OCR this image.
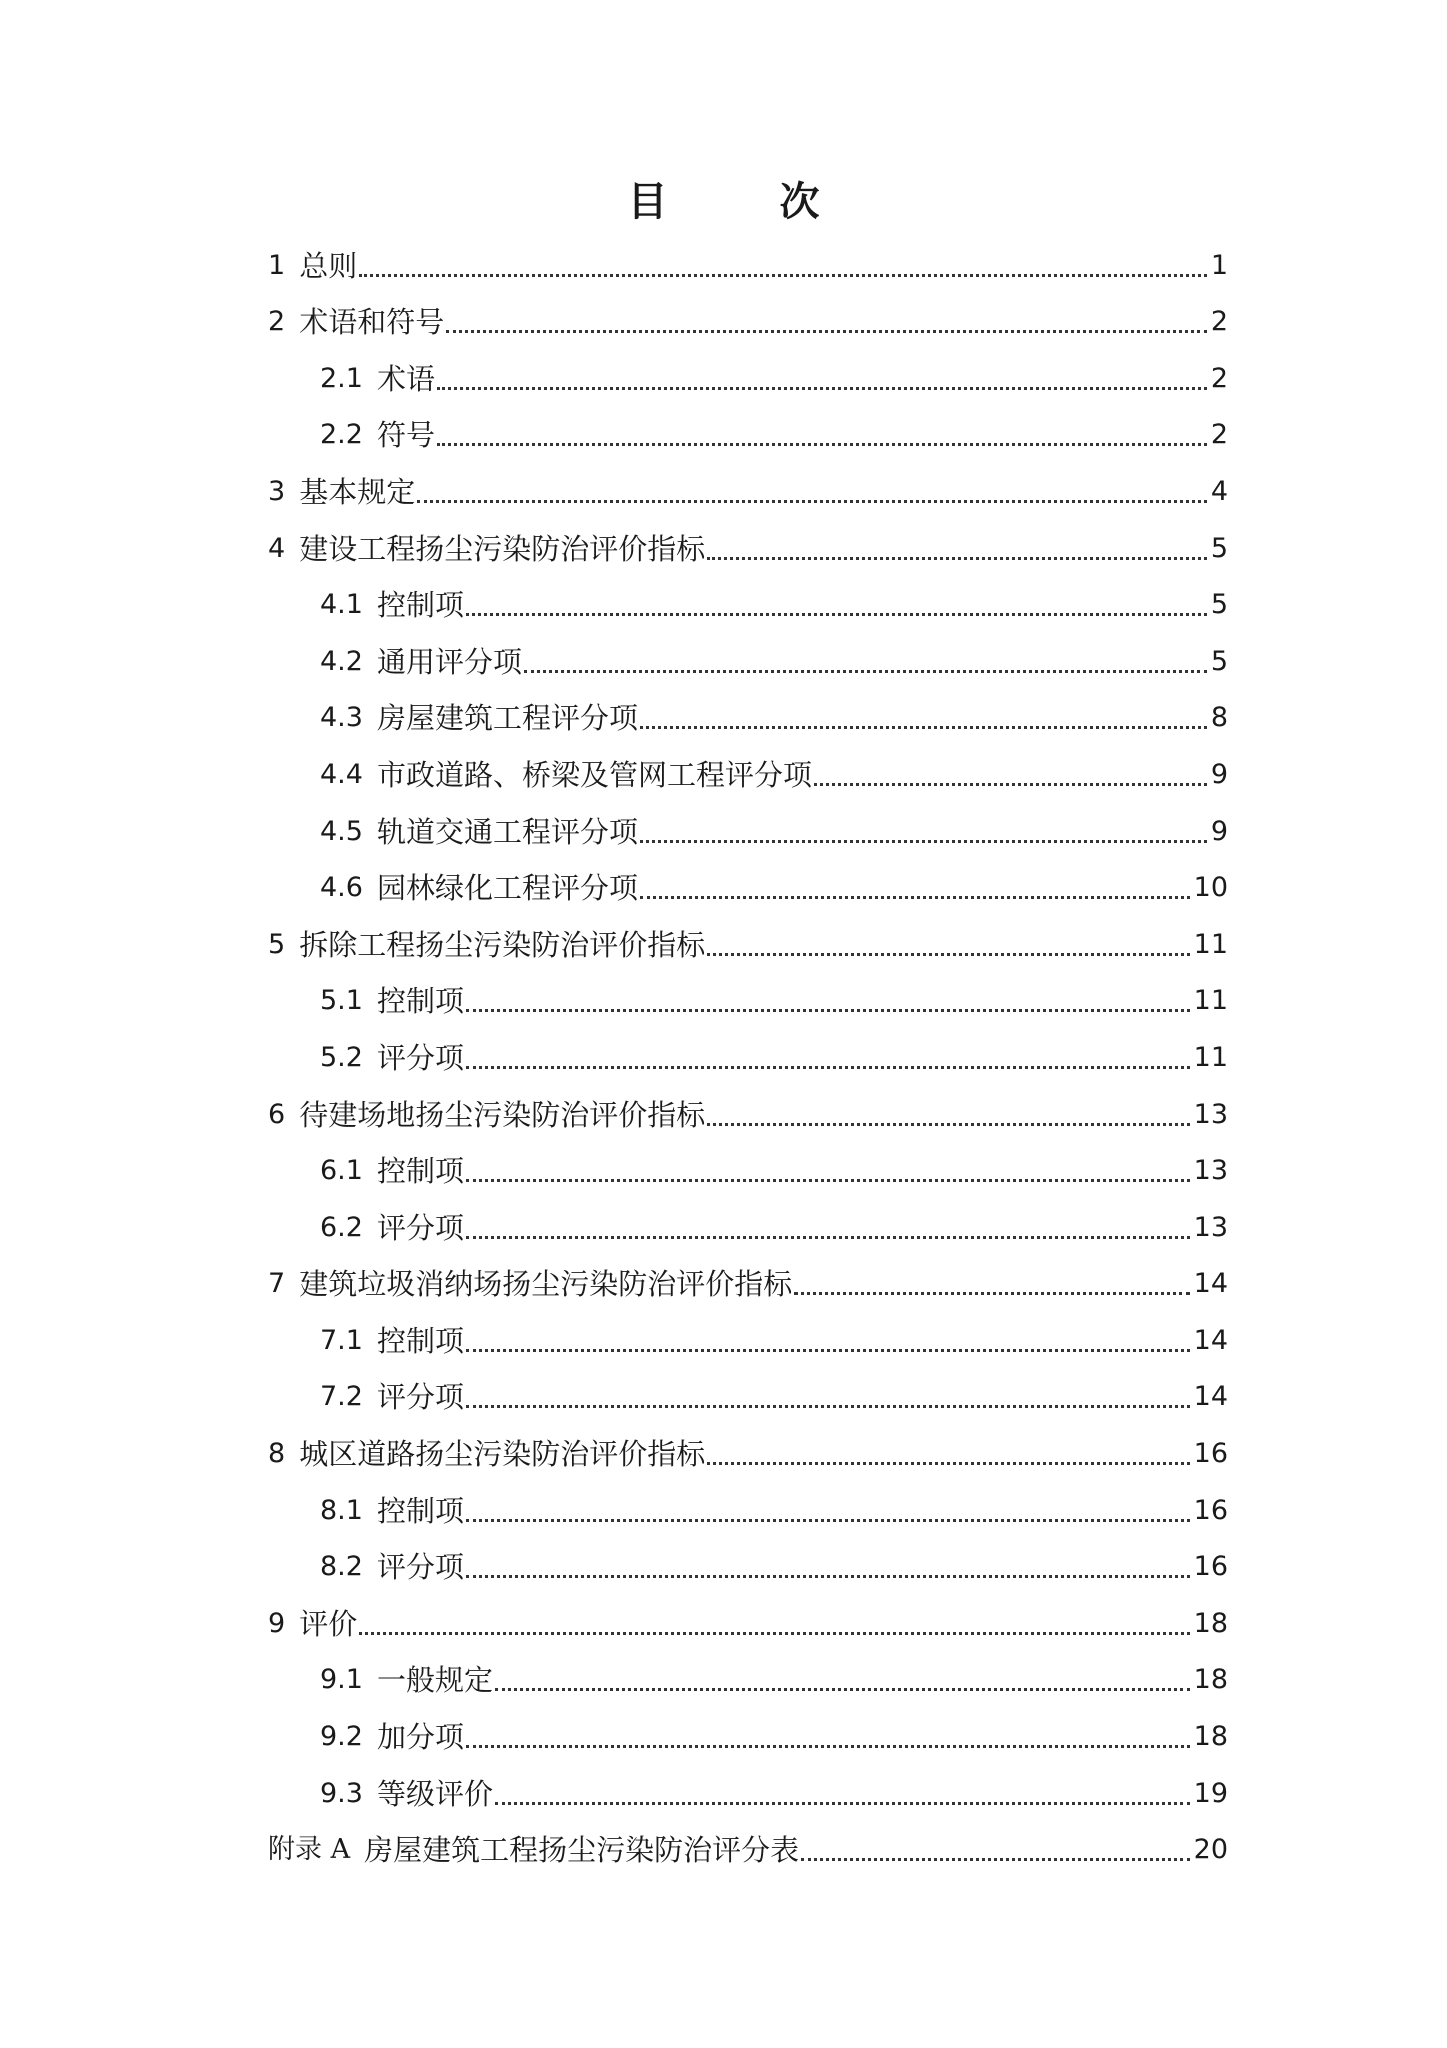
目　次
1 总则	1
2 术语和符号	2
2.1 术语	2
2.2 符号	2
3 基本规定	4
4 建设工程扬尘污染防治评价指标	5
4.1 控制项	5
4.2 通用评分项	5
4.3 房屋建筑工程评分项	8
4.4 市政道路、桥梁及管网工程评分项	9
4.5 轨道交通工程评分项	9
4.6 园林绿化工程评分项	10
5 拆除工程扬尘污染防治评价指标	11
5.1 控制项	11
5.2 评分项	11
6 待建场地扬尘污染防治评价指标	13
6.1 控制项	13
6.2 评分项	13
7 建筑垃圾消纳场扬尘污染防治评价指标	14
7.1 控制项	14
7.2 评分项	14
8 城区道路扬尘污染防治评价指标	16
8.1 控制项	16
8.2 评分项	16
9 评价	18
9.1 一般规定	18
9.2 加分项	18
9.3 等级评价	19
附录 A 房屋建筑工程扬尘污染防治评分表	20
